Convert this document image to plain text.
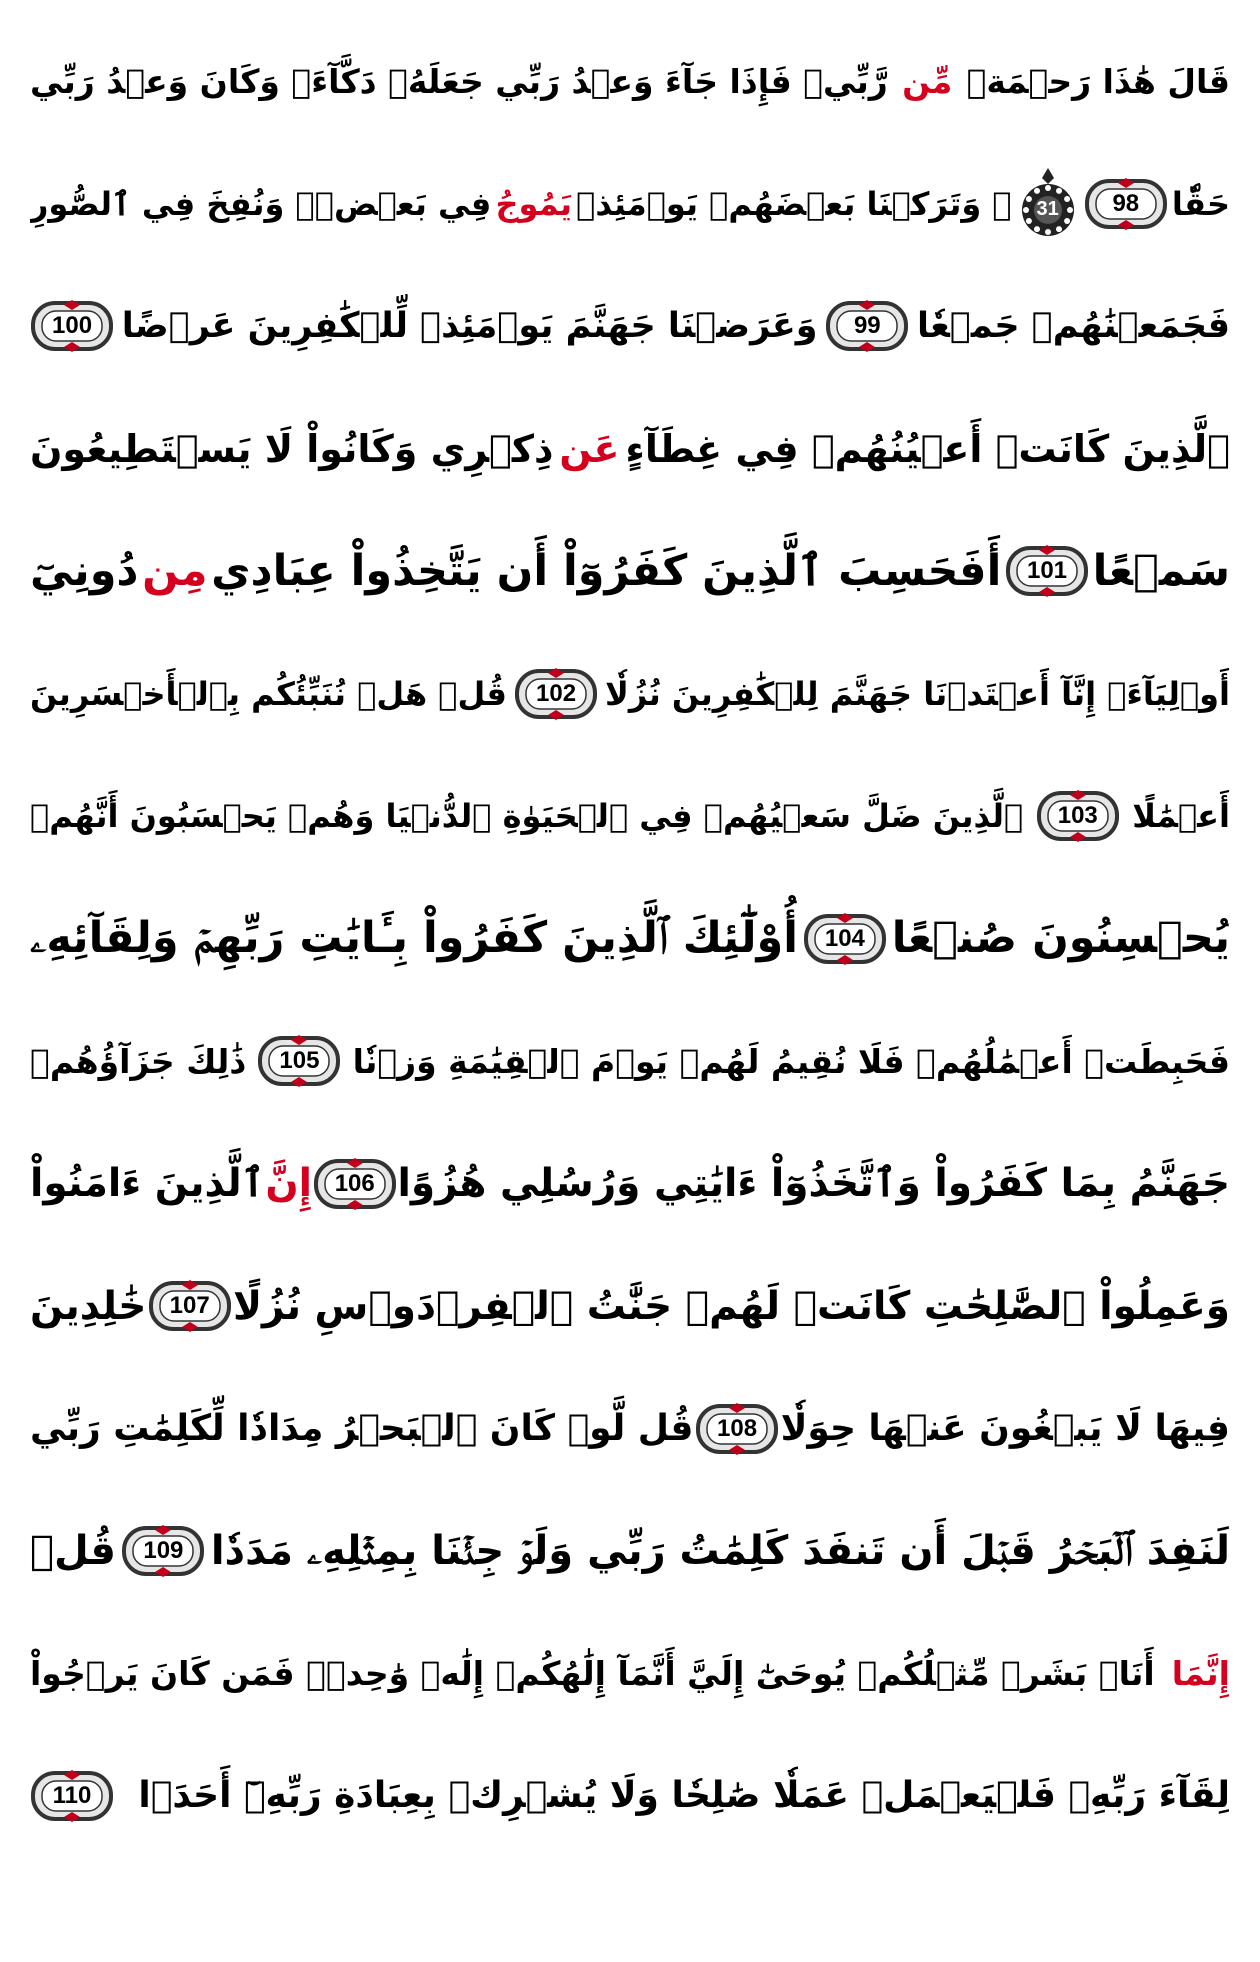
قَالَ هَٰذَا رَحۡمَةٞ
مِّن
رَّبِّيۖ فَإِذَا جَآءَ وَعۡدُ رَبِّي جَعَلَهُۥ دَكَّآءَۖ وَكَانَ وَعۡدُ رَبِّي
حَقّٗا
98
31
۞ وَتَرَكۡنَا بَعۡضَهُمۡ يَوۡمَئِذٖ
يَمُوجُ
فِي بَعۡضٖۖ وَنُفِخَ فِي ٱلصُّورِ
فَجَمَعۡنَٰهُمۡ جَمۡعٗا
99
وَعَرَضۡنَا جَهَنَّمَ يَوۡمَئِذٖ لِّلۡكَٰفِرِينَ عَرۡضًا
100
ٱلَّذِينَ كَانَتۡ أَعۡيُنُهُمۡ فِي غِطَآءٍ
عَن
ذِكۡرِي وَكَانُواْ لَا يَسۡتَطِيعُونَ
سَمۡعًا
101
أَفَحَسِبَ ٱلَّذِينَ كَفَرُوٓاْ أَن يَتَّخِذُواْ عِبَادِي
مِن
دُونِيٓ
أَوۡلِيَآءَۚ إِنَّآ أَعۡتَدۡنَا جَهَنَّمَ لِلۡكَٰفِرِينَ نُزُلٗا
102
قُلۡ هَلۡ نُنَبِّئُكُم بِٱلۡأَخۡسَرِينَ
أَعۡمَٰلًا
103
ٱلَّذِينَ ضَلَّ سَعۡيُهُمۡ فِي ٱلۡحَيَوٰةِ ٱلدُّنۡيَا وَهُمۡ يَحۡسَبُونَ أَنَّهُمۡ
يُحۡسِنُونَ صُنۡعًا
104
أُوْلَٰٓئِكَ ٱلَّذِينَ كَفَرُواْ بِـَٔايَٰتِ رَبِّهِمۡ وَلِقَآئِهِۦ
فَحَبِطَتۡ أَعۡمَٰلُهُمۡ فَلَا نُقِيمُ لَهُمۡ يَوۡمَ ٱلۡقِيَٰمَةِ وَزۡنٗا
105
ذَٰلِكَ جَزَآؤُهُمۡ
جَهَنَّمُ بِمَا كَفَرُواْ وَٱتَّخَذُوٓاْ ءَايَٰتِي وَرُسُلِي هُزُوًا
106
إِنَّ
ٱلَّذِينَ ءَامَنُواْ
وَعَمِلُواْ ٱلصَّٰلِحَٰتِ كَانَتۡ لَهُمۡ جَنَّٰتُ ٱلۡفِرۡدَوۡسِ نُزُلًا
107
خَٰلِدِينَ
فِيهَا لَا يَبۡغُونَ عَنۡهَا حِوَلٗا
108
قُل لَّوۡ كَانَ ٱلۡبَحۡرُ مِدَادٗا لِّكَلِمَٰتِ رَبِّي
لَنَفِدَ ٱلۡبَحۡرُ قَبۡلَ أَن تَنفَدَ كَلِمَٰتُ رَبِّي وَلَوۡ جِئۡنَا بِمِثۡلِهِۦ مَدَدٗا
109
قُلۡ
إِنَّمَا
أَنَا۠ بَشَرٞ مِّثۡلُكُمۡ يُوحَىٰٓ إِلَيَّ أَنَّمَآ إِلَٰهُكُمۡ إِلَٰهٞ وَٰحِدٞۖ فَمَن كَانَ يَرۡجُواْ
لِقَآءَ رَبِّهِۦ فَلۡيَعۡمَلۡ عَمَلٗا صَٰلِحٗا وَلَا يُشۡرِكۡ بِعِبَادَةِ رَبِّهِۦٓ أَحَدَۢا
110
